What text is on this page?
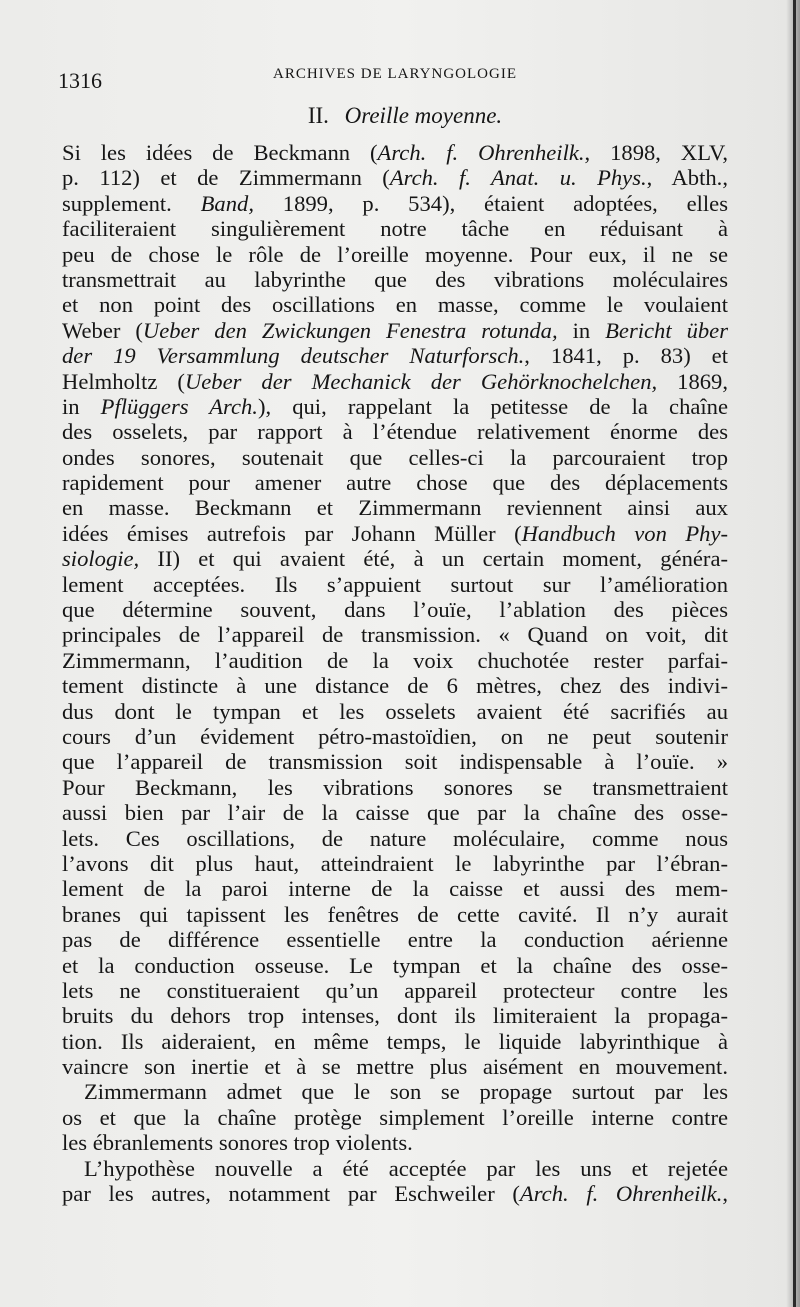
1316	ARCHIVES DE LARYNGOLOGIE
II. Oreille moyenne.
Si les idées de Beckmann (Arch. f. Ohrenheilk., 1898, XLV,
p. 112) et de Zimmermann (Arch. f. Anat. u. Phys., Abth.,
supplement. Band, 1899, p. 534), étaient adoptées, elles
faciliteraient singulièrement notre tâche en réduisant à
peu de chose le rôle de l’oreille moyenne. Pour eux, il ne se
transmettrait au labyrinthe que des vibrations moléculaires
et non point des oscillations en masse, comme le voulaient
Weber (Ueber den Zwickungen Fenestra rotunda, in Bericht über
der 19 Versammlung deutscher Naturforsch., 1841, p. 83) et
Helmholtz (Ueber der Mechanick der Gehörknochelchen, 1869,
in Pflüggers Arch.), qui, rappelant la petitesse de la chaîne
des osselets, par rapport à l’étendue relativement énorme des
ondes sonores, soutenait que celles-ci la parcouraient trop
rapidement pour amener autre chose que des déplacements
en masse. Beckmann et Zimmermann reviennent ainsi aux
idées émises autrefois par Johann Müller (Handbuch von Phy-
siologie, II) et qui avaient été, à un certain moment, généra-
lement acceptées. Ils s’appuient surtout sur l’amélioration
que détermine souvent, dans l’ouïe, l’ablation des pièces
principales de l’appareil de transmission. « Quand on voit, dit
Zimmermann, l’audition de la voix chuchotée rester parfai-
tement distincte à une distance de 6 mètres, chez des indivi-
dus dont le tympan et les osselets avaient été sacrifiés au
cours d’un évidement pétro-mastoïdien, on ne peut soutenir
que l’appareil de transmission soit indispensable à l’ouïe. »
Pour Beckmann, les vibrations sonores se transmettraient
aussi bien par l’air de la caisse que par la chaîne des osse-
lets. Ces oscillations, de nature moléculaire, comme nous
l’avons dit plus haut, atteindraient le labyrinthe par l’ébran-
lement de la paroi interne de la caisse et aussi des mem-
branes qui tapissent les fenêtres de cette cavité. Il n’y aurait
pas de différence essentielle entre la conduction aérienne
et la conduction osseuse. Le tympan et la chaîne des osse-
lets ne constitueraient qu’un appareil protecteur contre les
bruits du dehors trop intenses, dont ils limiteraient la propaga-
tion. Ils aideraient, en même temps, le liquide labyrinthique à
vaincre son inertie et à se mettre plus aisément en mouvement.
Zimmermann admet que le son se propage surtout par les
os et que la chaîne protège simplement l’oreille interne contre
les ébranlements sonores trop violents.
L’hypothèse nouvelle a été acceptée par les uns et rejetée
par les autres, notamment par Eschweiler (Arch. f. Ohrenheilk.,
